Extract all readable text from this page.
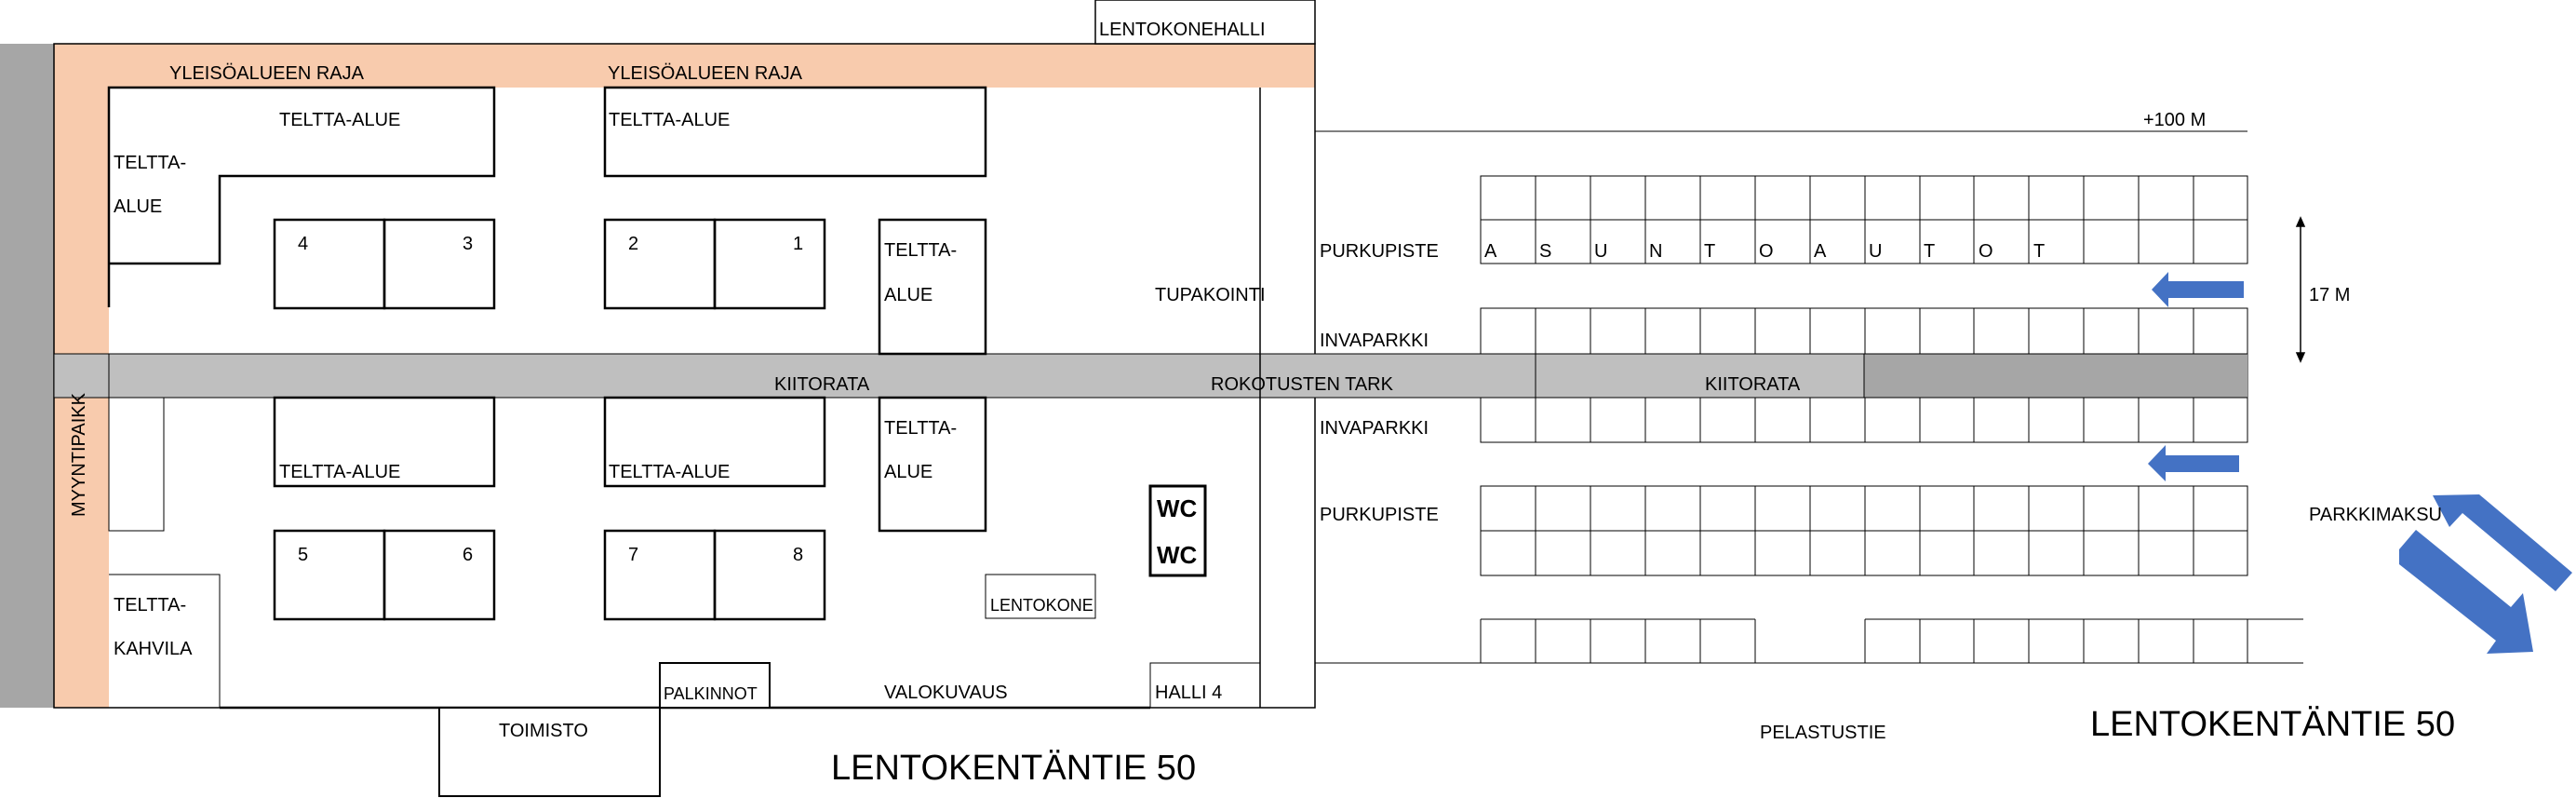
YLEISÖALUEEN RAJA	YLEISÖALUEEN RAJA
LENTOKONEHALLI
TELTTA-ALUE	TELTTA-ALUE
TELTTA-
ALUE
4	3	2	1	TELTTA-
ALUE	TUPAKOINTI
KIITORATA	ROKOTUSTEN TARK	KIITORATA
MYYNTIPAIKK	TELTTA-ALUE	TELTTA-ALUE
TELTTA-
ALUE
WC
WC
5	6	7	8
TELTTA-
KAHVILA
LENTOKONE
PALKINNOT	VALOKUVAUS	HALLI 4
TOIMISTO
LENTOKENTÄNTIE 50
LENTOKENTÄNTIE 50
PURKUPISTE
INVAPARKKI
INVAPARKKI
PURKUPISTE
+100 M
17 M
PARKKIMAKSU
PELASTUSTIE
A S U N T O A U T O T
